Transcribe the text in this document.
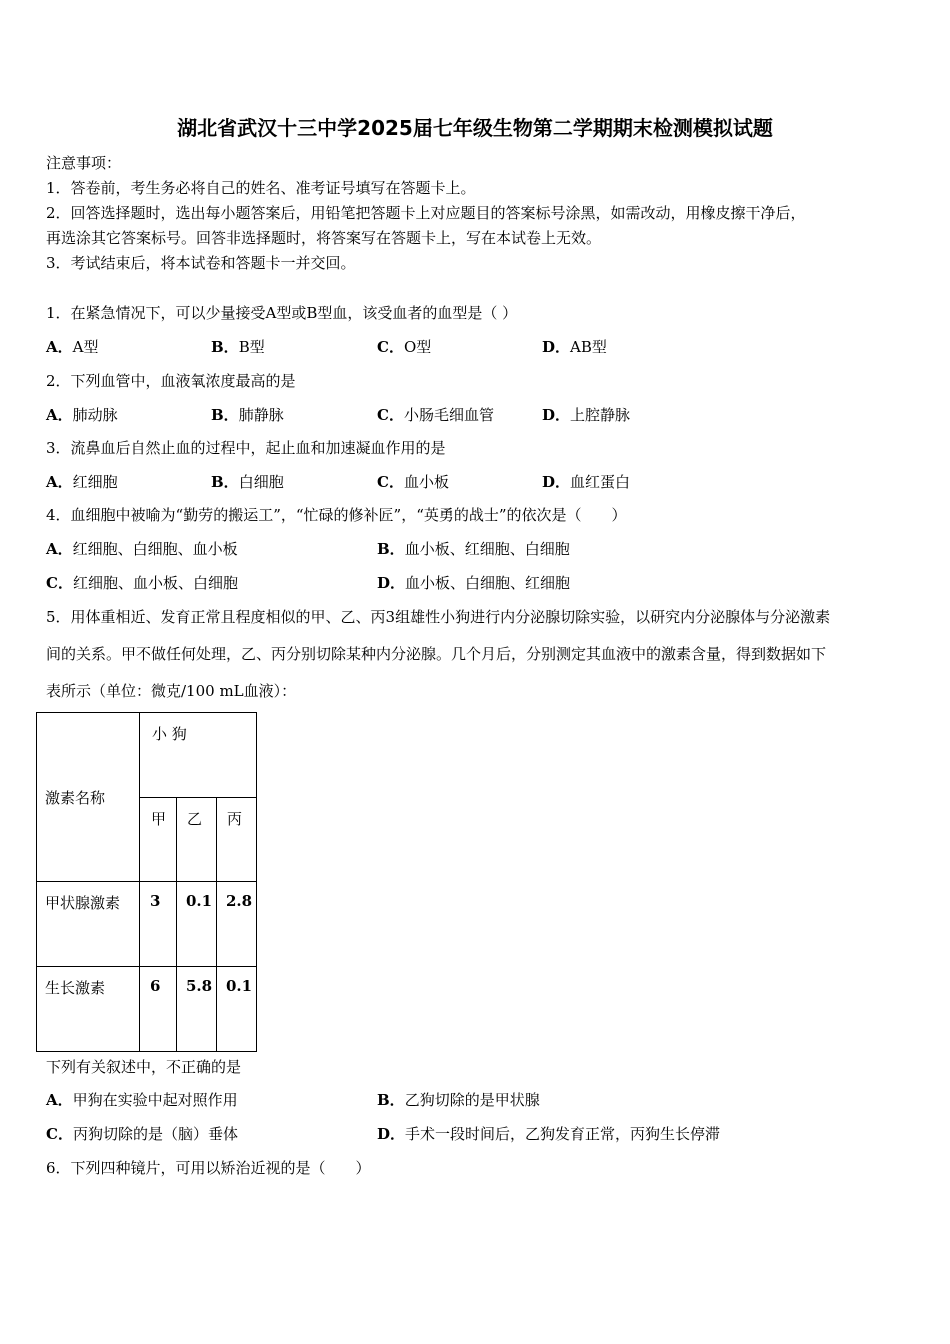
湖北省武汉十三中学2025届七年级生物第二学期期末检测模拟试题
注意事项：
1．答卷前，考生务必将自己的姓名、准考证号填写在答题卡上。
2．回答选择题时，选出每小题答案后，用铅笔把答题卡上对应题目的答案标号涂黑，如需改动，用橡皮擦干净后，
再选涂其它答案标号。回答非选择题时，将答案写在答题卡上，写在本试卷上无效。
3．考试结束后，将本试卷和答题卡一并交回。
1．在紧急情况下，可以少量接受A型或B型血，该受血者的血型是（ ）
A．A型	B．B型	C．O型	D．AB型
2．下列血管中，血液氧浓度最高的是
A．肺动脉	B．肺静脉	C．小肠毛细血管	D．上腔静脉
3．流鼻血后自然止血的过程中，起止血和加速凝血作用的是
A．红细胞	B．白细胞	C．血小板	D．血红蛋白
4．血细胞中被喻为“勤劳的搬运工”，“忙碌的修补匠”，“英勇的战士”的依次是（　　）
A．红细胞、白细胞、血小板	B．血小板、红细胞、白细胞
C．红细胞、血小板、白细胞	D．血小板、白细胞、红细胞
5．用体重相近、发育正常且程度相似的甲、乙、丙3组雄性小狗进行内分泌腺切除实验，以研究内分泌腺体与分泌激素
间的关系。甲不做任何处理，乙、丙分别切除某种内分泌腺。几个月后，分别测定其血液中的激素含量，得到数据如下
表所示（单位：微克/100 mL血液）：
激素名称	小 狗		

	甲	乙	丙

甲状腺激素	3	0.1	2.8

生长激素	6	5.8	0.1
下列有关叙述中，不正确的是
A．甲狗在实验中起对照作用	B．乙狗切除的是甲状腺
C．丙狗切除的是（脑）垂体	D．手术一段时间后，乙狗发育正常，丙狗生长停滞
6．下列四种镜片，可用以矫治近视的是（　　）
